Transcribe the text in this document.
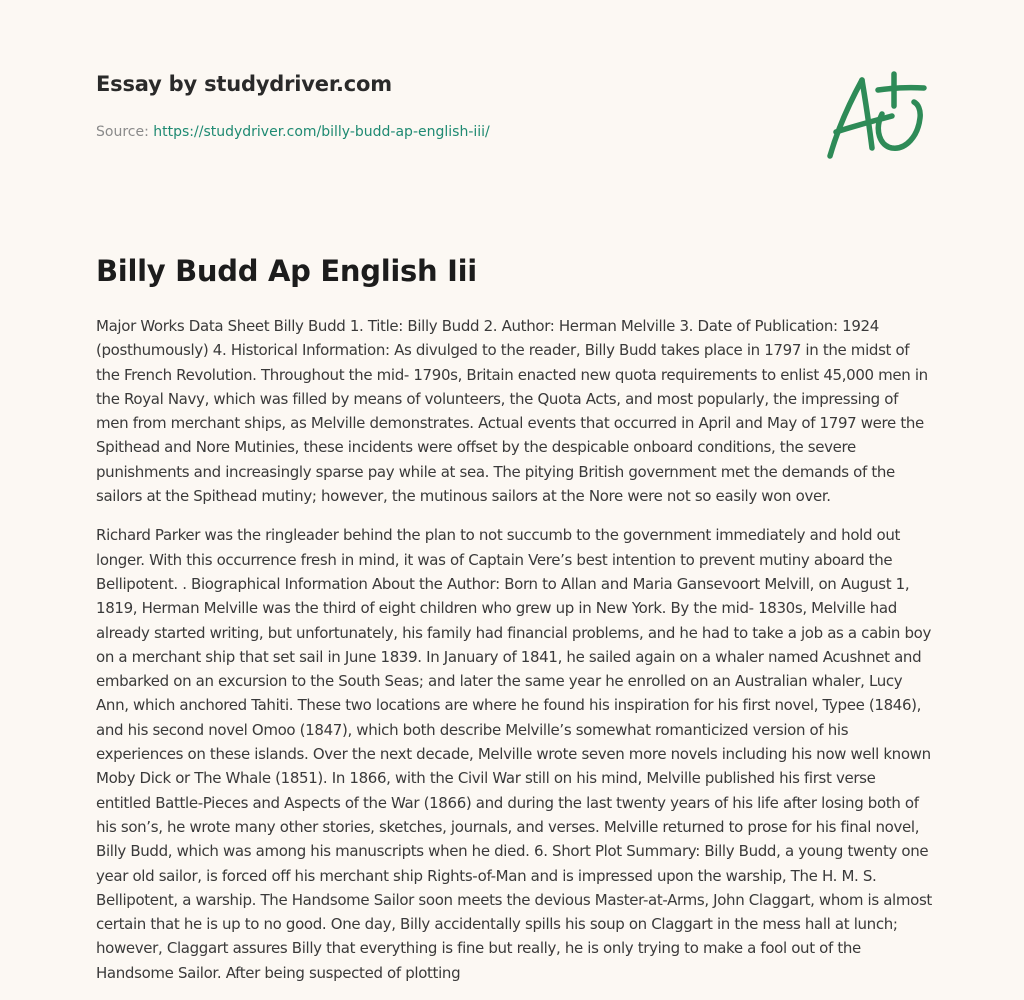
Essay by studydriver.com
Source: https://studydriver.com/billy-budd-ap-english-iii/
Billy Budd Ap English Iii

Major Works Data Sheet Billy Budd 1. Title: Billy Budd 2. Author: Herman Melville 3. Date of Publication: 1924 (posthumously) 4. Historical Information: As divulged to the reader, Billy Budd takes place in 1797 in the midst of the French Revolution. Throughout the mid- 1790s, Britain enacted new quota requirements to enlist 45,000 men in the Royal Navy, which was filled by means of volunteers, the Quota Acts, and most popularly, the impressing of men from merchant ships, as Melville demonstrates. Actual events that occurred in April and May of 1797 were the Spithead and Nore Mutinies, these incidents were offset by the despicable onboard conditions, the severe punishments and increasingly sparse pay while at sea. The pitying British government met the demands of the sailors at the Spithead mutiny; however, the mutinous sailors at the Nore were not so easily won over.

Richard Parker was the ringleader behind the plan to not succumb to the government immediately and hold out longer. With this occurrence fresh in mind, it was of Captain Vere’s best intention to prevent mutiny aboard the Bellipotent. . Biographical Information About the Author: Born to Allan and Maria Gansevoort Melvill, on August 1, 1819, Herman Melville was the third of eight children who grew up in New York. By the mid- 1830s, Melville had already started writing, but unfortunately, his family had financial problems, and he had to take a job as a cabin boy on a merchant ship that set sail in June 1839. In January of 1841, he sailed again on a whaler named Acushnet and embarked on an excursion to the South Seas; and later the same year he enrolled on an Australian whaler, Lucy Ann, which anchored Tahiti. These two locations are where he found his inspiration for his first novel, Typee (1846), and his second novel Omoo (1847), which both describe Melville’s somewhat romanticized version of his experiences on these islands. Over the next decade, Melville wrote seven more novels including his now well known Moby Dick or The Whale (1851). In 1866, with the Civil War still on his mind, Melville published his first verse entitled Battle-Pieces and Aspects of the War (1866) and during the last twenty years of his life after losing both of his son’s, he wrote many other stories, sketches, journals, and verses. Melville returned to prose for his final novel, Billy Budd, which was among his manuscripts when he died. 6. Short Plot Summary: Billy Budd, a young twenty one year old sailor, is forced off his merchant ship Rights-of-Man and is impressed upon the warship, The H. M. S. Bellipotent, a warship. The Handsome Sailor soon meets the devious Master-at-Arms, John Claggart, whom is almost certain that he is up to no good. One day, Billy accidentally spills his soup on Claggart in the mess hall at lunch; however, Claggart assures Billy that everything is fine but really, he is only trying to make a fool out of the Handsome Sailor. After being suspected of plotting
